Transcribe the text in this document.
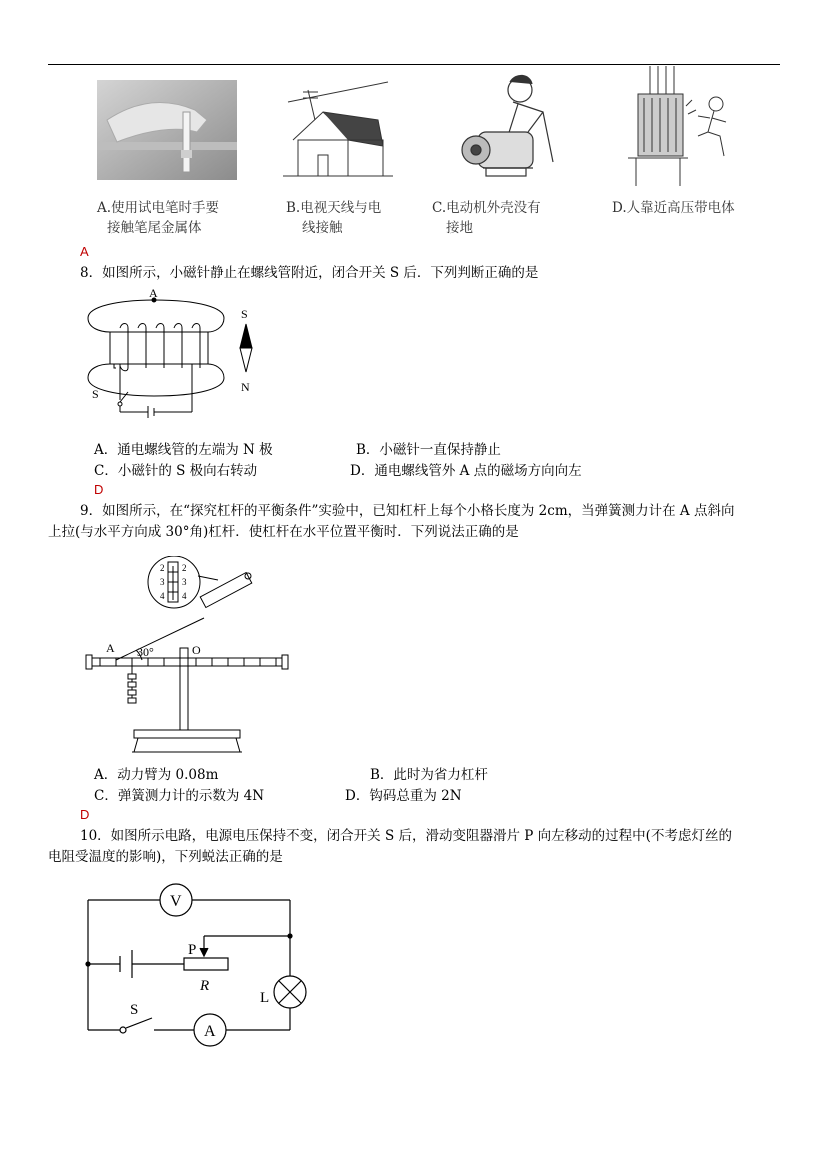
A.使用试电笔时手要
接触笔尾金属体
B.电视天线与电
线接触
C.电动机外壳没有
接地
D.人靠近高压带电体
A
8．如图所示，小磁针静止在螺线管附近，闭合开关 S 后．下列判断正确的是
A
S
S
N
A．通电螺线管的左端为 N 极	B．小磁针一直保持静止
C．小磁针的 S 极向右转动	D．通电螺线管外 A 点的磁场方向向左
D
9．如图所示，在“探究杠杆的平衡条件”实验中，已知杠杆上每个小格长度为 2cm，当弹簧测力计在 A 点斜向
上拉(与水平方向成 30°角)杠杆．使杠杆在水平位置平衡时．下列说法正确的是
2
3
4
2
3
4
A	O
30°
A．动力臂为 0.08m	B．此时为省力杠杆
C．弹簧测力计的示数为 4N	D．钩码总重为 2N
D
10．如图所示电路，电源电压保持不变，闭合开关 S 后，滑动变阻器滑片 P 向左移动的过程中(不考虑灯丝的
电阻受温度的影响)，下列蜕法正确的是
V
A
P
R
L
S
